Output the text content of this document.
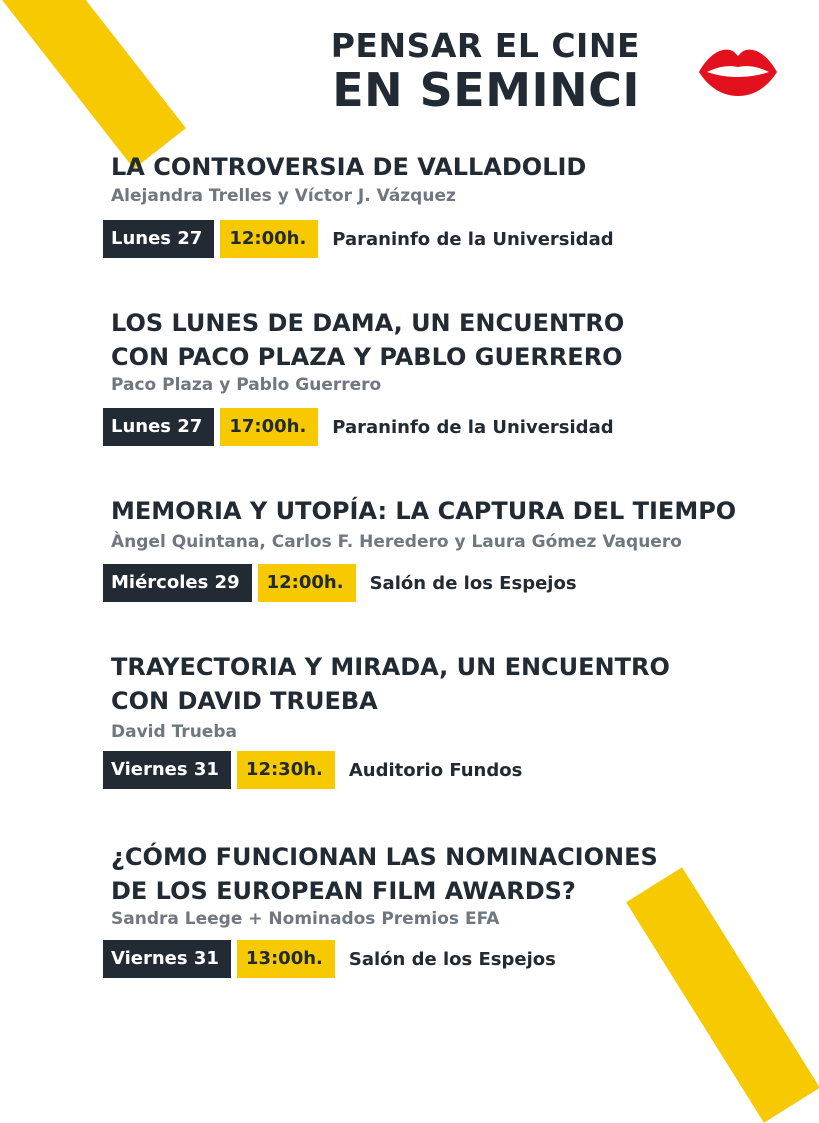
PENSAR EL CINE
EN SEMINCI
LA CONTROVERSIA DE VALLADOLID
Alejandra Trelles y Víctor J. Vázquez
Lunes 27	12:00h.	Paraninfo de la Universidad
LOS LUNES DE DAMA, UN ENCUENTRO
CON PACO PLAZA Y PABLO GUERRERO
Paco Plaza y Pablo Guerrero
Lunes 27	17:00h.	Paraninfo de la Universidad
MEMORIA Y UTOPÍA: LA CAPTURA DEL TIEMPO
Àngel Quintana, Carlos F. Heredero y Laura Gómez Vaquero
Miércoles 29	12:00h.	Salón de los Espejos
TRAYECTORIA Y MIRADA, UN ENCUENTRO
CON DAVID TRUEBA
David Trueba
Viernes 31	12:30h.	Auditorio Fundos
¿CÓMO FUNCIONAN LAS NOMINACIONES
DE LOS EUROPEAN FILM AWARDS?
Sandra Leege + Nominados Premios EFA
Viernes 31	13:00h.	Salón de los Espejos
